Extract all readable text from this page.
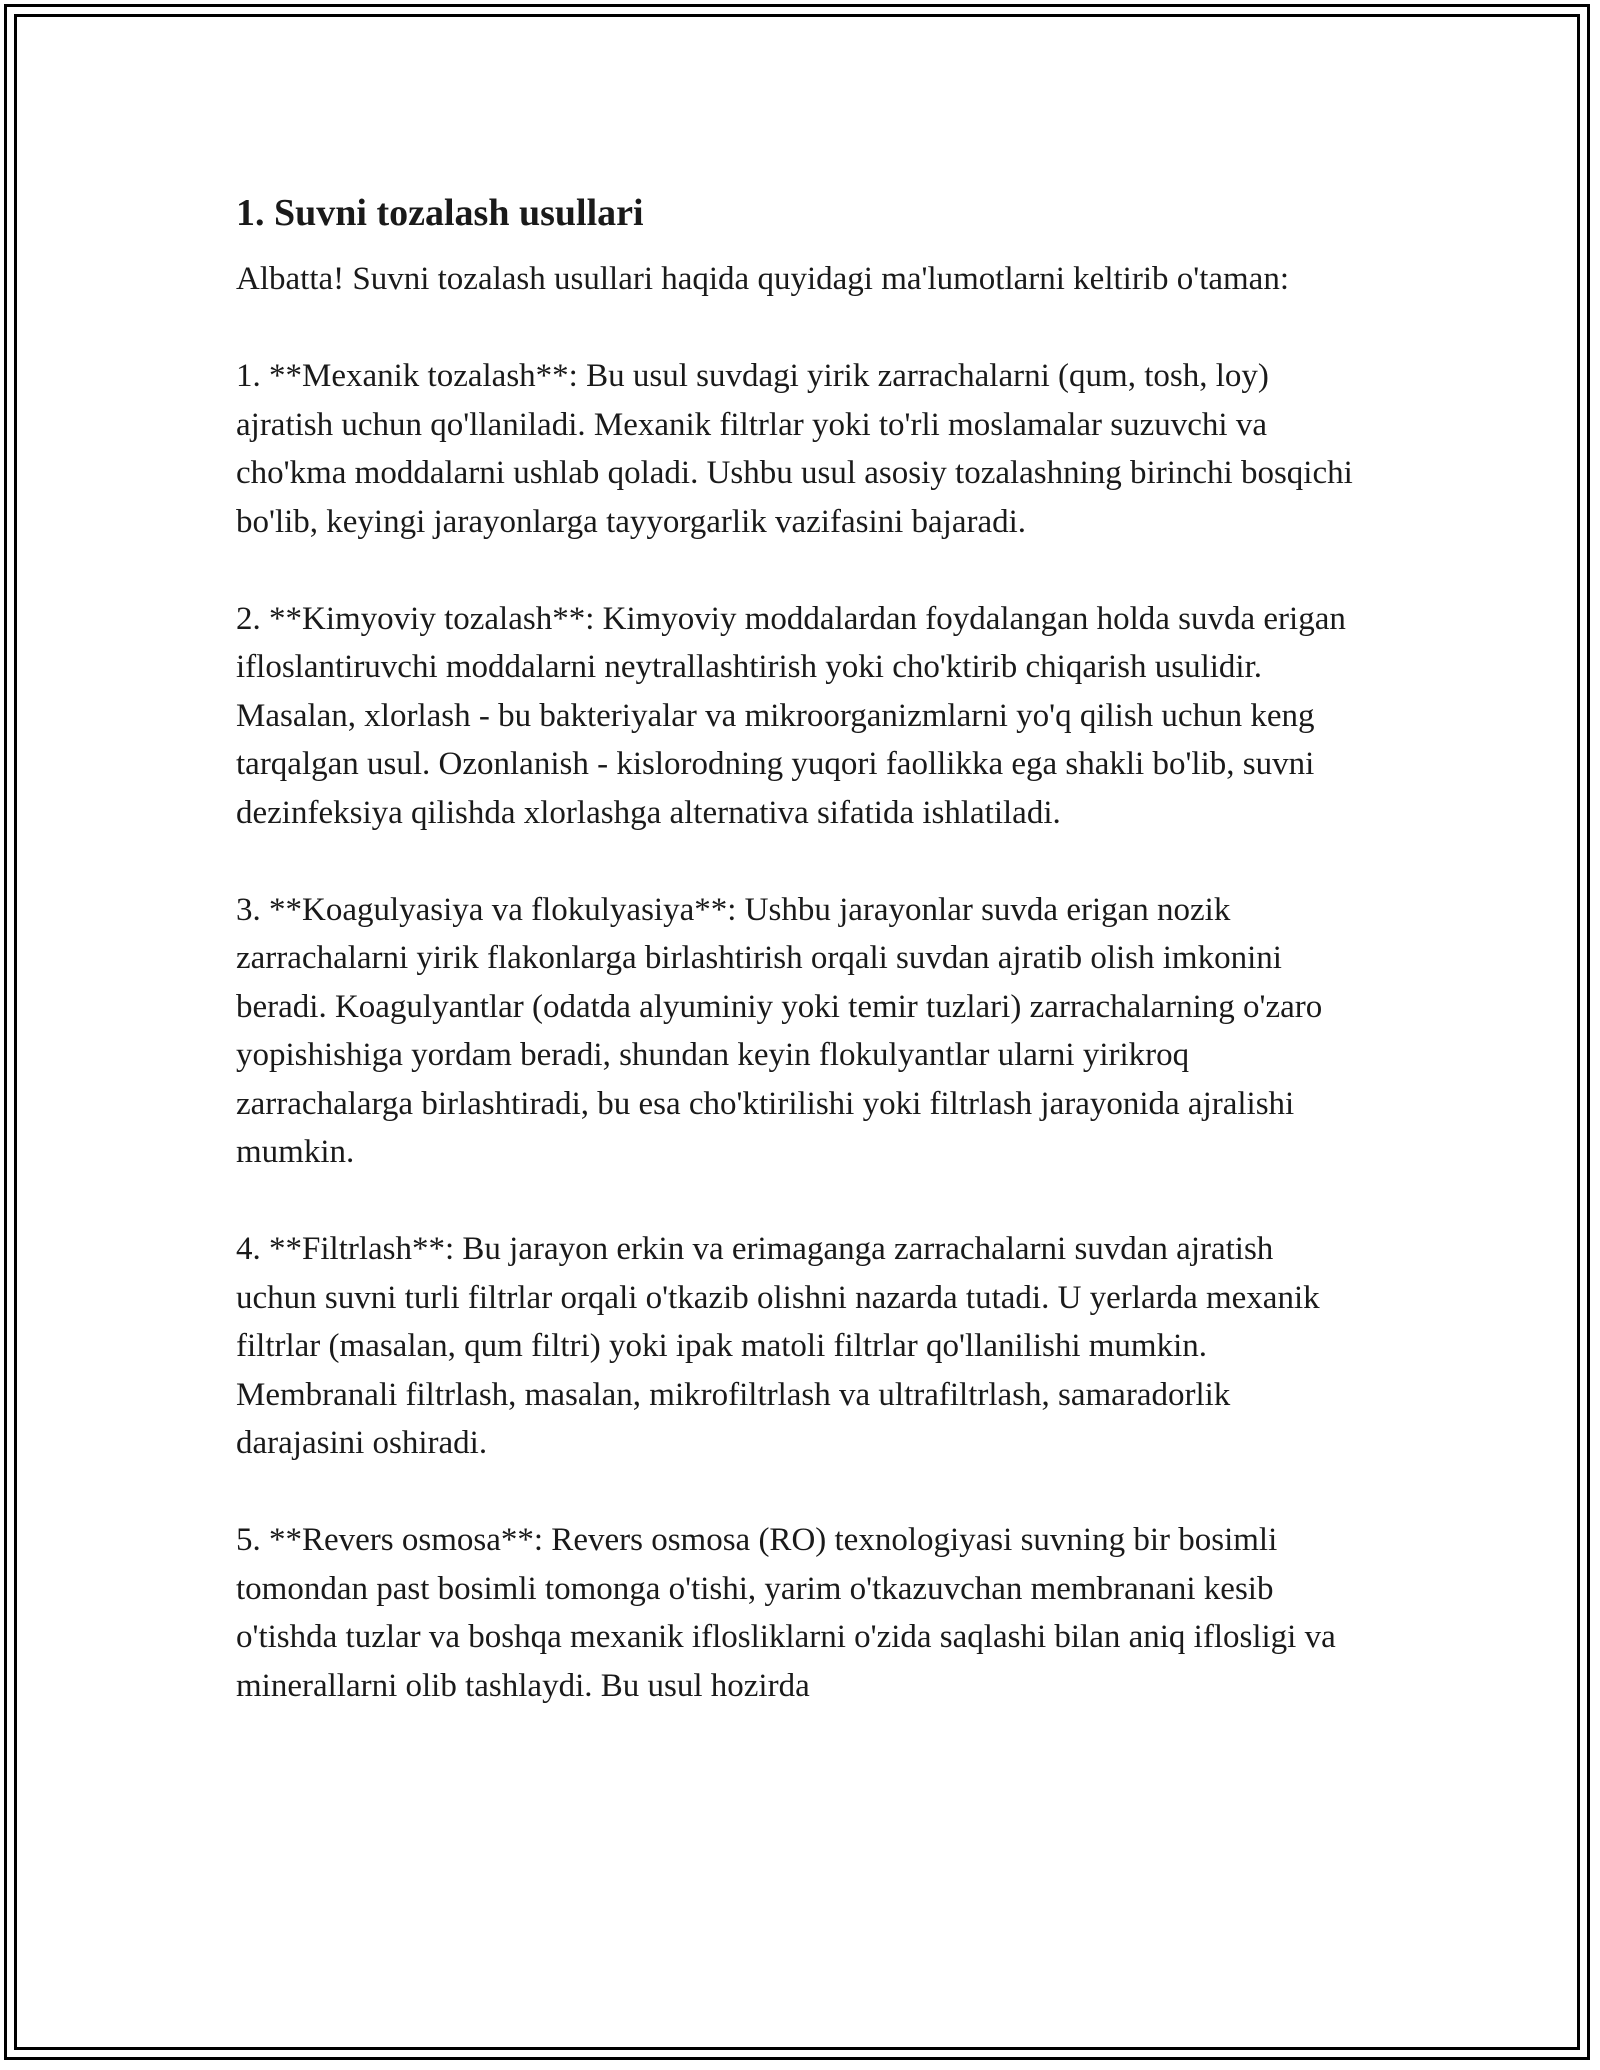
1. Suvni tozalash usullari

Albatta! Suvni tozalash usullari haqida quyidagi ma'lumotlarni keltirib o'taman:

1. **Mexanik tozalash**: Bu usul suvdagi yirik zarrachalarni (qum, tosh, loy) ajratish uchun qo'llaniladi. Mexanik filtrlar yoki to'rli moslamalar suzuvchi va cho'kma moddalarni ushlab qoladi. Ushbu usul asosiy tozalashning birinchi bosqichi bo'lib, keyingi jarayonlarga tayyorgarlik vazifasini bajaradi.

2. **Kimyoviy tozalash**: Kimyoviy moddalardan foydalangan holda suvda erigan ifloslantiruvchi moddalarni neytrallashtirish yoki cho'ktirib chiqarish usulidir. Masalan, xlorlash - bu bakteriyalar va mikroorganizmlarni yo'q qilish uchun keng tarqalgan usul. Ozonlanish - kislorodning yuqori faollikka ega shakli bo'lib, suvni dezinfeksiya qilishda xlorlashga alternativa sifatida ishlatiladi.

3. **Koagulyasiya va flokulyasiya**: Ushbu jarayonlar suvda erigan nozik zarrachalarni yirik flakonlarga birlashtirish orqali suvdan ajratib olish imkonini beradi. Koagulyantlar (odatda alyuminiy yoki temir tuzlari) zarrachalarning o'zaro yopishishiga yordam beradi, shundan keyin flokulyantlar ularni yirikroq zarrachalarga birlashtiradi, bu esa cho'ktirilishi yoki filtrlash jarayonida ajralishi mumkin.

4. **Filtrlash**: Bu jarayon erkin va erimaganga zarrachalarni suvdan ajratish uchun suvni turli filtrlar orqali o'tkazib olishni nazarda tutadi. U yerlarda mexanik filtrlar (masalan, qum filtri) yoki ipak matoli filtrlar qo'llanilishi mumkin. Membranali filtrlash, masalan, mikrofiltrlash va ultrafiltrlash, samaradorlik darajasini oshiradi.

5. **Revers osmosa**: Revers osmosa (RO) texnologiyasi suvning bir bosimli tomondan past bosimli tomonga o'tishi, yarim o'tkazuvchan membranani kesib o'tishda tuzlar va boshqa mexanik iflosliklarni o'zida saqlashi bilan aniq iflosligi va minerallarni olib tashlaydi. Bu usul hozirda
